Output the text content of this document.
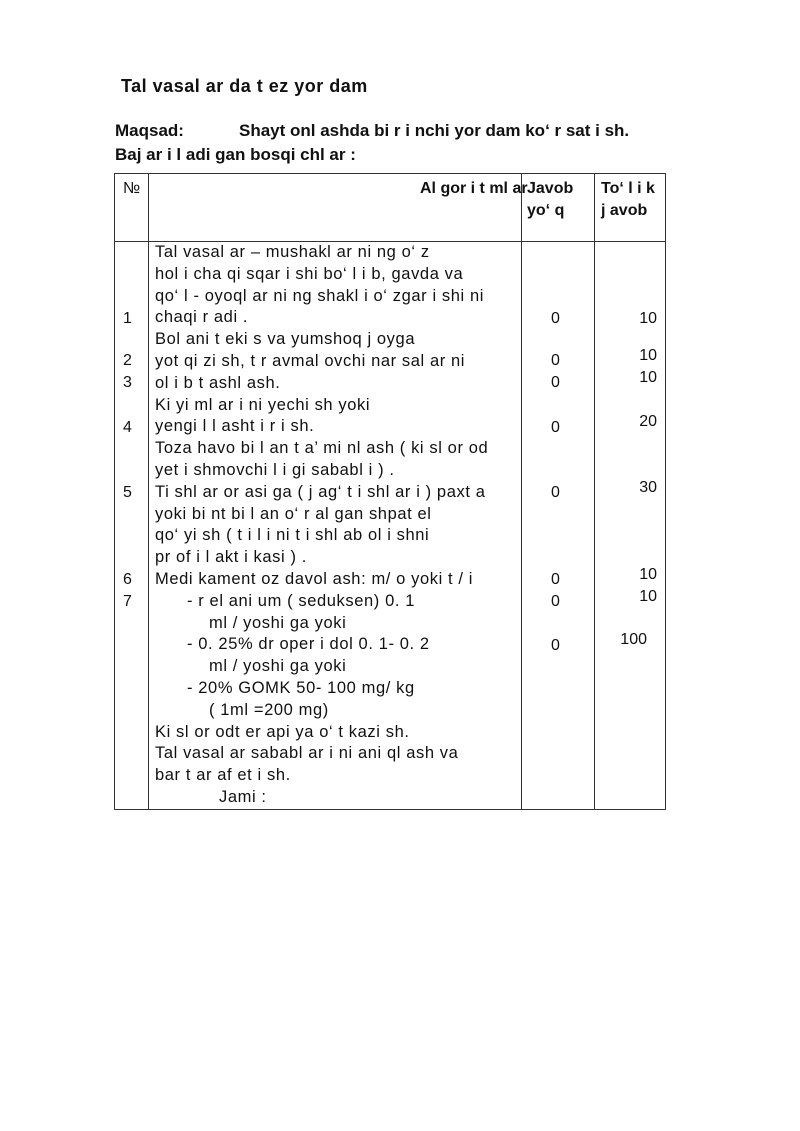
Tal vasal ar da t ez yor dam
Maqsad:	Shayt onl ashda bi r i nchi yor dam ko‘ r sat i sh.
Baj ar i l adi gan bosqi chl ar :
№	Al gor i t ml ar Javob yo‘ q
To‘ l i k j avob
1
2
3
4
5
6
7
Tal vasal ar – mushakl ar ni ng o‘ z
hol i cha qi sqar i shi bo‘ l i b, gavda va
qo‘ l - oyoql ar ni ng shakl i o‘ zgar i shi ni
chaqi r adi .
Bol ani t eki s va yumshoq j oyga
yot qi zi sh, t r avmal ovchi nar sal ar ni
ol i b t ashl ash.
Ki yi ml ar i ni yechi sh yoki
yengi l l asht i r i sh.
Toza havo bi l an t a’ mi nl ash ( ki sl or od
yet i shmovchi l i gi sababl i ) .
Ti shl ar or asi ga ( j ag‘ t i shl ar i ) paxt a
yoki bi nt bi l an o‘ r al gan shpat el
qo‘ yi sh ( t i l i ni t i shl ab ol i shni
pr of i l akt i kasi ) .
Medi kament oz davol ash: m/ o yoki t / i
- r el ani um ( seduksen) 0. 1
ml / yoshi ga yoki
- 0. 25% dr oper i dol 0. 1- 0. 2
ml / yoshi ga yoki
- 20% GOMK 50- 100 mg/ kg
( 1ml =200 mg)
Ki sl or odt er api ya o‘ t kazi sh.
Tal vasal ar sababl ar i ni ani ql ash va
bar t ar af et i sh.
Jami :
0
0
0
0
0
0
0
0
10
10
10
20
30
10
10
100
